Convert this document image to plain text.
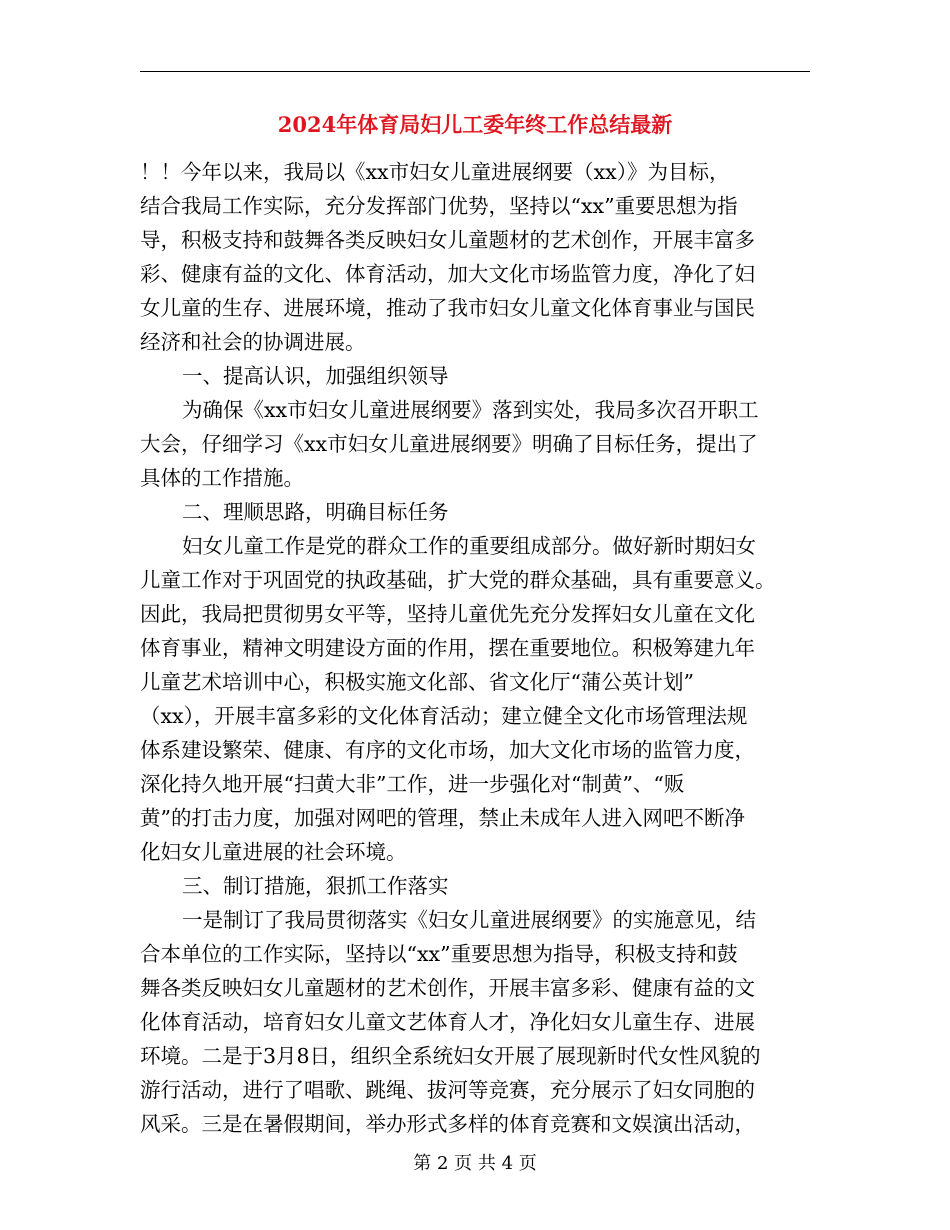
2024年体育局妇儿工委年终工作总结最新
！！今年以来，我局以《xx市妇女儿童进展纲要（xx）》为目标，
结合我局工作实际，充分发挥部门优势，坚持以“xx”重要思想为指
导，积极支持和鼓舞各类反映妇女儿童题材的艺术创作，开展丰富多
彩、健康有益的文化、体育活动，加大文化市场监管力度，净化了妇
女儿童的生存、进展环境，推动了我市妇女儿童文化体育事业与国民
经济和社会的协调进展。
一、提高认识，加强组织领导
为确保《xx市妇女儿童进展纲要》落到实处，我局多次召开职工
大会，仔细学习《xx市妇女儿童进展纲要》明确了目标任务，提出了
具体的工作措施。
二、理顺思路，明确目标任务
妇女儿童工作是党的群众工作的重要组成部分。做好新时期妇女
儿童工作对于巩固党的执政基础，扩大党的群众基础，具有重要意义。
因此，我局把贯彻男女平等，坚持儿童优先充分发挥妇女儿童在文化
体育事业，精神文明建设方面的作用，摆在重要地位。积极筹建九年
儿童艺术培训中心，积极实施文化部、省文化厅“蒲公英计划”
（xx），开展丰富多彩的文化体育活动；建立健全文化市场管理法规
体系建设繁荣、健康、有序的文化市场，加大文化市场的监管力度，
深化持久地开展“扫黄大非”工作，进一步强化对“制黄”、“贩
黄”的打击力度，加强对网吧的管理，禁止未成年人进入网吧不断净
化妇女儿童进展的社会环境。
三、制订措施，狠抓工作落实
一是制订了我局贯彻落实《妇女儿童进展纲要》的实施意见，结
合本单位的工作实际，坚持以“xx”重要思想为指导，积极支持和鼓
舞各类反映妇女儿童题材的艺术创作，开展丰富多彩、健康有益的文
化体育活动，培育妇女儿童文艺体育人才，净化妇女儿童生存、进展
环境。二是于3月8日，组织全系统妇女开展了展现新时代女性风貌的
游行活动，进行了唱歌、跳绳、拔河等竞赛，充分展示了妇女同胞的
风采。三是在暑假期间，举办形式多样的体育竞赛和文娱演出活动，
第 2 页 共 4 页
